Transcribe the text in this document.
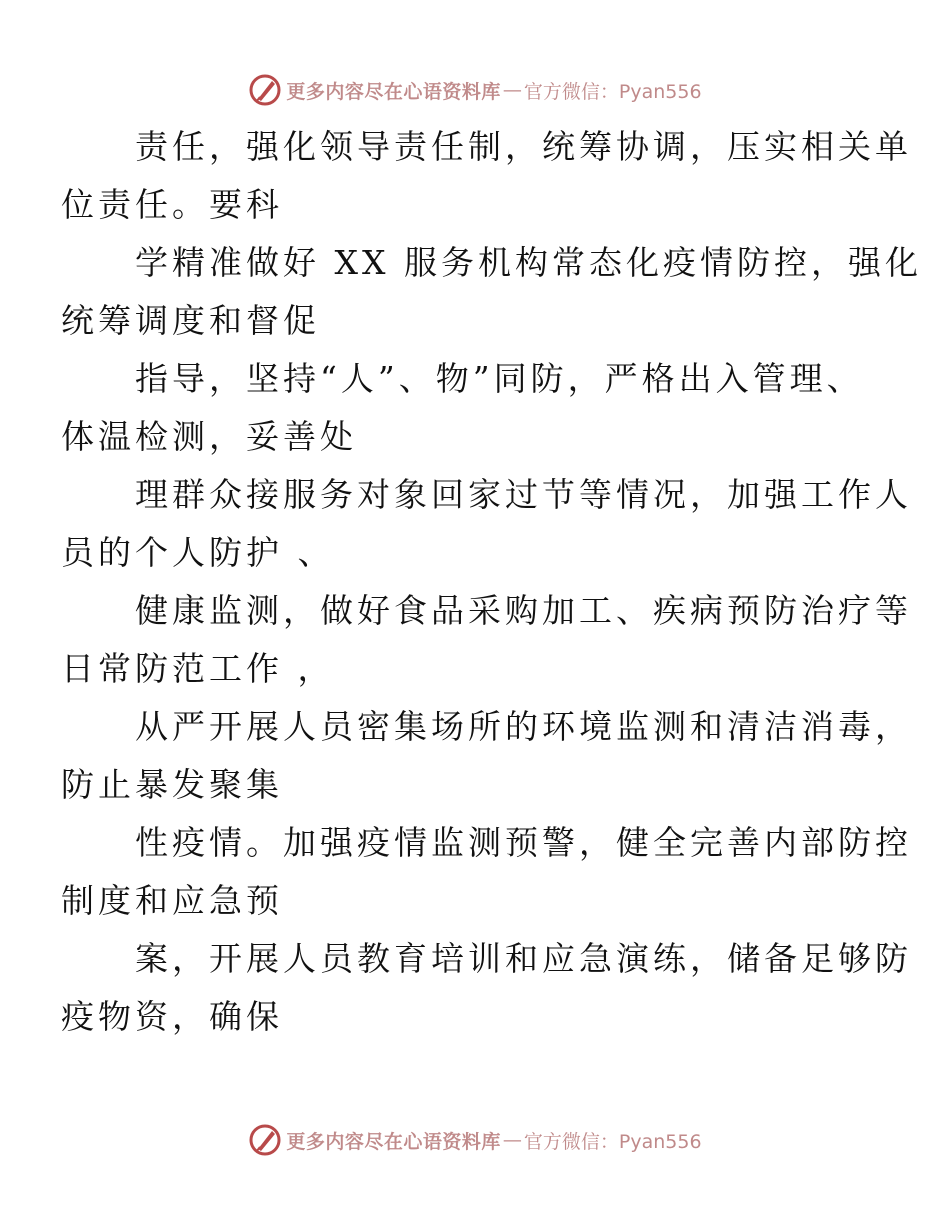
更多内容尽在心语资料库 — 官方微信：Pyan556

责任，强化领导责任制，统筹协调，压实相关单
位责任。要科

学精准做好 XX 服务机构常态化疫情防控，强化
统筹调度和督促

指导，坚持“人”、物”同防，严格出入管理、
体温检测，妥善处

理群众接服务对象回家过节等情况，加强工作人
员的个人防护 、

健康监测，做好食品采购加工、疾病预防治疗等
日常防范工作 ，

从严开展人员密集场所的环境监测和清洁消毒，
防止暴发聚集

性疫情。加强疫情监测预警，健全完善内部防控
制度和应急预

案，开展人员教育培训和应急演练，储备足够防
疫物资，确保

更多内容尽在心语资料库 — 官方微信：Pyan556
